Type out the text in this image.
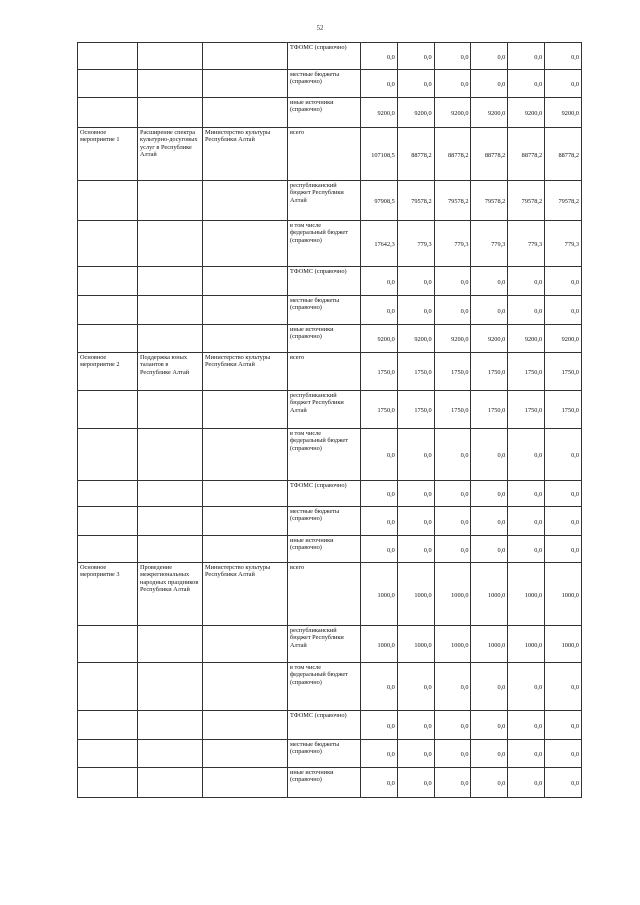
52
			ТФОМС (справочно)	0,0	0,0	0,0	0,0	0,0	0,0
			местные бюджеты (справочно)	0,0	0,0	0,0	0,0	0,0	0,0
			иные источники (справочно)	9200,0	9200,0	9200,0	9200,0	9200,0	9200,0
Основное мероприятие 1	Расширение спектра культурно-досуговых услуг в Республике Алтай	Министерство культуры Республики Алтай	всего	107108,5	88778,2	88778,2	88778,2	88778,2	88778,2
			республиканский бюджет Республики Алтай	97908,5	79578,2	79578,2	79578,2	79578,2	79578,2
			в том числе федеральный бюджет (справочно)	17642,3	779,3	779,3	779,3	779,3	779,3
			ТФОМС (справочно)	0,0	0,0	0,0	0,0	0,0	0,0
			местные бюджеты (справочно)	0,0	0,0	0,0	0,0	0,0	0,0
			иные источники (справочно)	9200,0	9200,0	9200,0	9200,0	9200,0	9200,0
Основное мероприятие 2	Поддержка юных талантов в Республике Алтай	Министерство культуры Республики Алтай	всего	1750,0	1750,0	1750,0	1750,0	1750,0	1750,0
			республиканский бюджет Республики Алтай	1750,0	1750,0	1750,0	1750,0	1750,0	1750,0
			в том числе федеральный бюджет (справочно)	0,0	0,0	0,0	0,0	0,0	0,0
			ТФОМС (справочно)	0,0	0,0	0,0	0,0	0,0	0,0
			местные бюджеты (справочно)	0,0	0,0	0,0	0,0	0,0	0,0
			иные источники (справочно)	0,0	0,0	0,0	0,0	0,0	0,0
Основное мероприятие 3	Проведение межрегиональных народных праздников Республики Алтай	Министерство культуры Республики Алтай	всего	1000,0	1000,0	1000,0	1000,0	1000,0	1000,0
			республиканский бюджет Республики Алтай	1000,0	1000,0	1000,0	1000,0	1000,0	1000,0
			в том числе федеральный бюджет (справочно)	0,0	0,0	0,0	0,0	0,0	0,0
			ТФОМС (справочно)	0,0	0,0	0,0	0,0	0,0	0,0
			местные бюджеты (справочно)	0,0	0,0	0,0	0,0	0,0	0,0
			иные источники (справочно)	0,0	0,0	0,0	0,0	0,0	0,0
